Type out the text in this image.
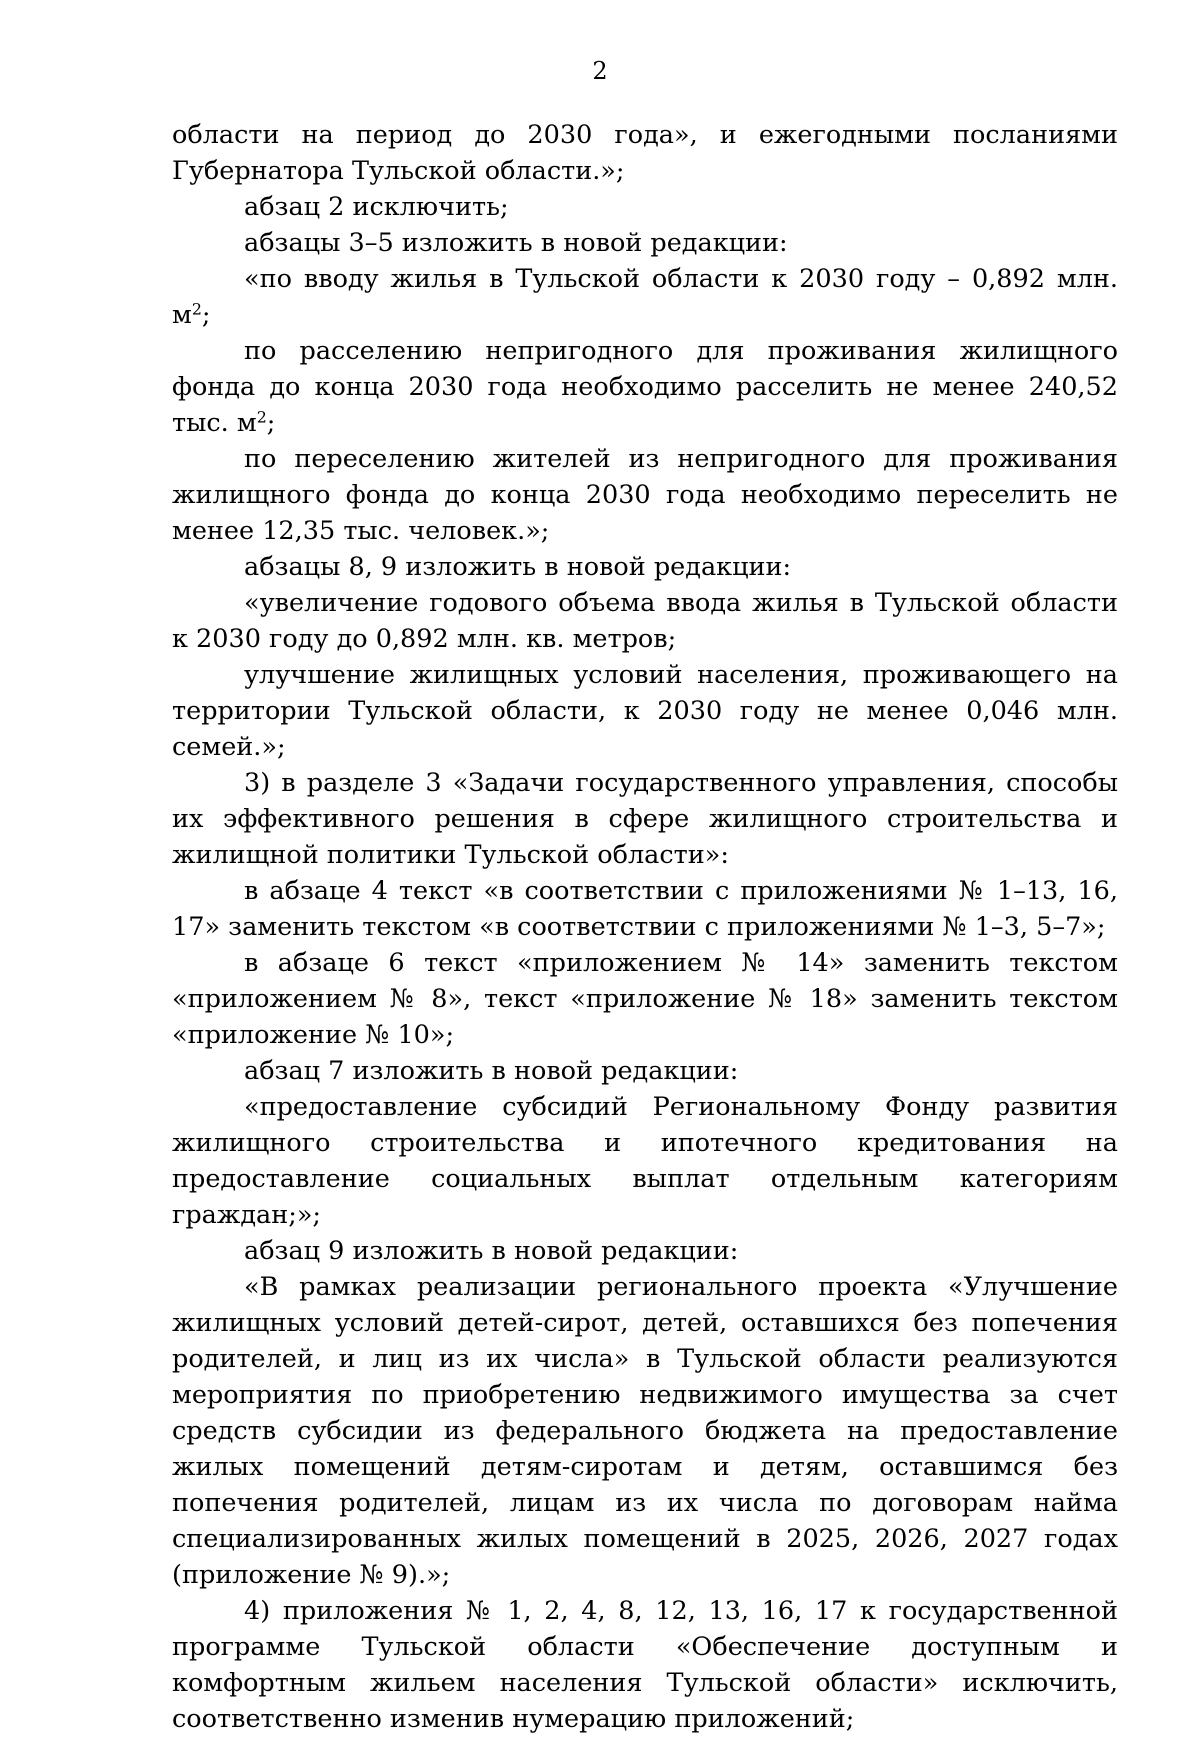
2

области на период до 2030 года», и ежегодными посланиями Губернатора Тульской области.»;

абзац 2 исключить;

абзацы 3–5 изложить в новой редакции:

«по вводу жилья в Тульской области к 2030 году – 0,892 млн. $м^2$;

по расселению непригодного для проживания жилищного фонда до конца 2030 года необходимо расселить не менее 240,52 тыс. $м^2$;

по переселению жителей из непригодного для проживания жилищного фонда до конца 2030 года необходимо переселить не менее 12,35 тыс. человек.»;

абзацы 8, 9 изложить в новой редакции:

«увеличение годового объема ввода жилья в Тульской области к 2030 году до 0,892 млн. кв. метров;

улучшение жилищных условий населения, проживающего на территории Тульской области, к 2030 году не менее 0,046 млн. семей.»;

3) в разделе 3 «Задачи государственного управления, способы их эффективного решения в сфере жилищного строительства и жилищной политики Тульской области»:

в абзаце 4 текст «в соответствии с приложениями № 1–13, 16, 17» заменить текстом «в соответствии с приложениями № 1–3, 5–7»;

в абзаце 6 текст «приложением № 14» заменить текстом «приложением № 8», текст «приложение № 18» заменить текстом «приложение № 10»;

абзац 7 изложить в новой редакции:

«предоставление субсидий Региональному Фонду развития жилищного строительства и ипотечного кредитования на предоставление социальных выплат отдельным категориям граждан;»;

абзац 9 изложить в новой редакции:

«В рамках реализации регионального проекта «Улучшение жилищных условий детей-сирот, детей, оставшихся без попечения родителей, и лиц из их числа» в Тульской области реализуются мероприятия по приобретению недвижимого имущества за счет средств субсидии из федерального бюджета на предоставление жилых помещений детям-сиротам и детям, оставшимся без попечения родителей, лицам из их числа по договорам найма специализированных жилых помещений в 2025, 2026, 2027 годах (приложение № 9).»;

4) приложения № 1, 2, 4, 8, 12, 13, 16, 17 к государственной программе Тульской области «Обеспечение доступным и комфортным жильем населения Тульской области» исключить, соответственно изменив нумерацию приложений;
